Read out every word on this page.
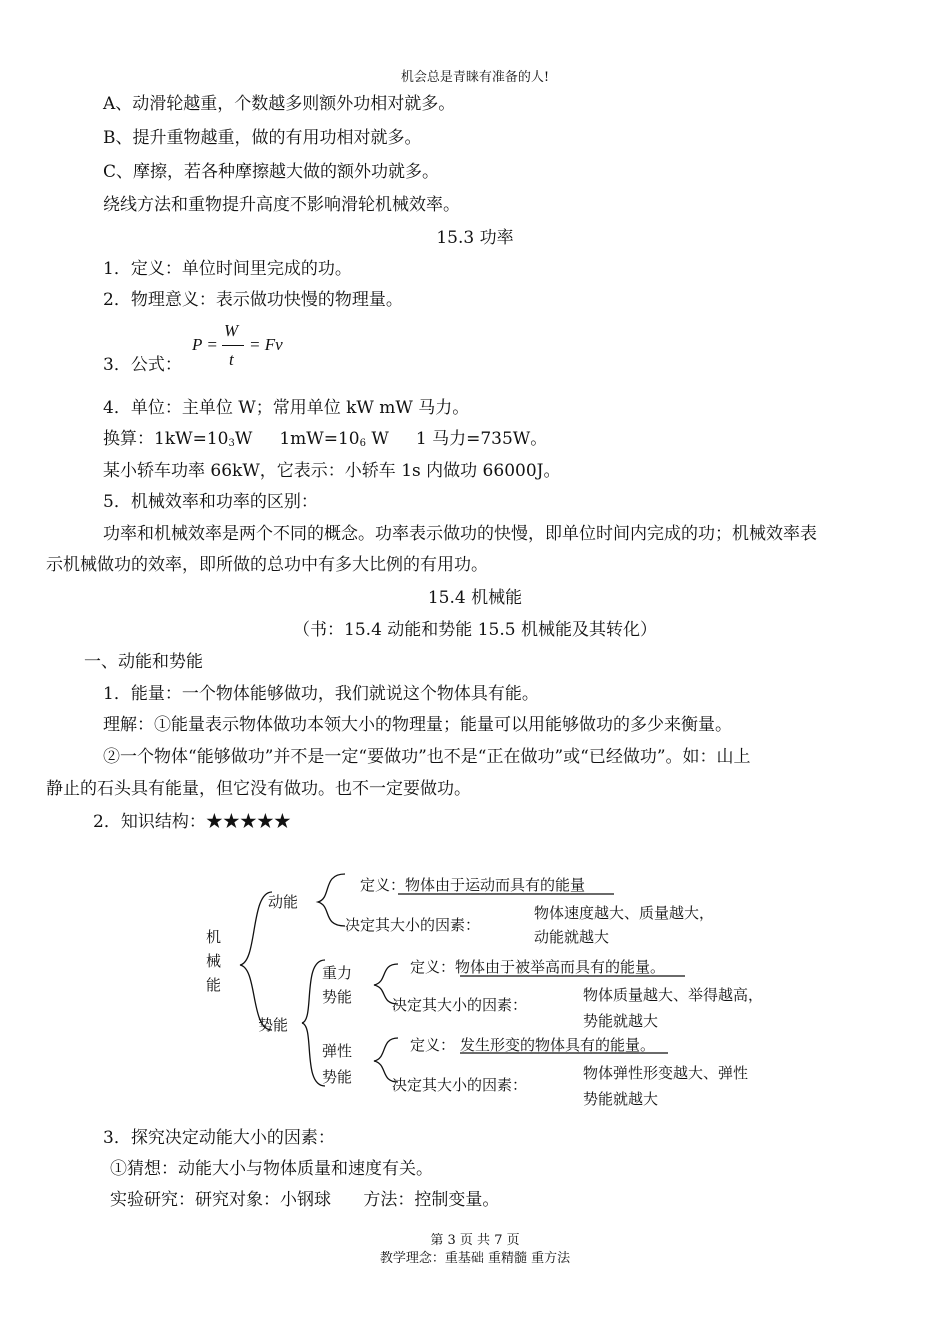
机会总是青睐有准备的人!
A、动滑轮越重，个数越多则额外功相对就多。
B、提升重物越重，做的有用功相对就多。
C、摩擦，若各种摩擦越大做的额外功就多。
绕线方法和重物提升高度不影响滑轮机械效率。
15.3 功率
1．定义：单位时间里完成的功。
2．物理意义：表示做功快慢的物理量。
3．公式：
P =
W
t
= Fv
4．单位：主单位 W；常用单位 kW mW 马力。
换算：$1kW=10_3W$     $1mW=10_6$ W     1 马力=735W。
某小轿车功率 66kW，它表示：小轿车 1s 内做功 66000J。
5．机械效率和功率的区别：
功率和机械效率是两个不同的概念。功率表示做功的快慢，即单位时间内完成的功；机械效率表
示机械做功的效率，即所做的总功中有多大比例的有用功。
15.4 机械能
（书：15.4 动能和势能 15.5 机械能及其转化）
一、动能和势能
1．能量：一个物体能够做功，我们就说这个物体具有能。
理解：①能量表示物体做功本领大小的物理量；能量可以用能够做功的多少来衡量。
②一个物体“能够做功”并不是一定“要做功”也不是“正在做功”或“已经做功”。如：山上
静止的石头具有能量，但它没有做功。也不一定要做功。
2．知识结构：★★★★★
机
械
能
动能
定义：物体由于运动而具有的能量
决定其大小的因素：
物体速度越大、质量越大，
动能就越大
势能
重力
势能
定义：物体由于被举高而具有的能量。
决定其大小的因素：
物体质量越大、举得越高，
势能就越大
弹性
势能
定义： 发生形变的物体具有的能量。
决定其大小的因素：
物体弹性形变越大、弹性
势能就越大
3．探究决定动能大小的因素：
①猜想：动能大小与物体质量和速度有关。
实验研究：研究对象：小钢球      方法：控制变量。
第 3 页 共 7 页
教学理念：重基础 重精髓 重方法
